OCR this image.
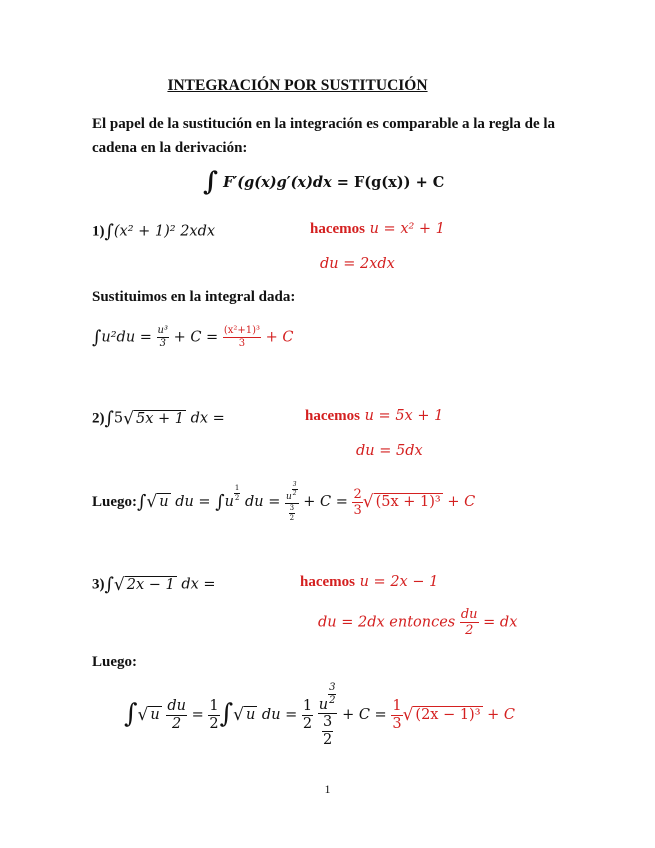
INTEGRACIÓN POR SUSTITUCIÓN
El papel de la sustitución en la integración es comparable a la regla de la cadena en la derivación:
∫ F′(g(x)g′(x)dx = F(g(x)) + C
1)∫(x² + 1)² 2xdx	hacemos u = x² + 1
du = 2xdx
Sustituimos en la integral dada:
$\int u^2du = \frac{\text{u³}}{3} + C = \frac{\text{(x²+1)³}}{3} + C$
2)∫5√ 5x + 1 dx =	hacemos u = 5x + 1
du = 5dx
Luego:∫√ u du = $\int u \frac{1}{2}$ du = $\frac{u \frac{3}{2}}{\frac{3}{2}} + C = \frac{2}{3}$ √ (5x + 1)³ + C
3)∫√ 2x − 1 dx =	hacemos u = 2x − 1
du = 2dx entonces $\frac{du}{2}$ = dx
Luego:
∫√ u $\frac{du}{2} = \frac{1}{2}$ ∫√ u du = $\frac{1}{2}$
$\frac{u \frac{3}{2}}{\frac{3}{2}} + C = \frac{1}{3}$ √ (2x − 1)³ + C
1
